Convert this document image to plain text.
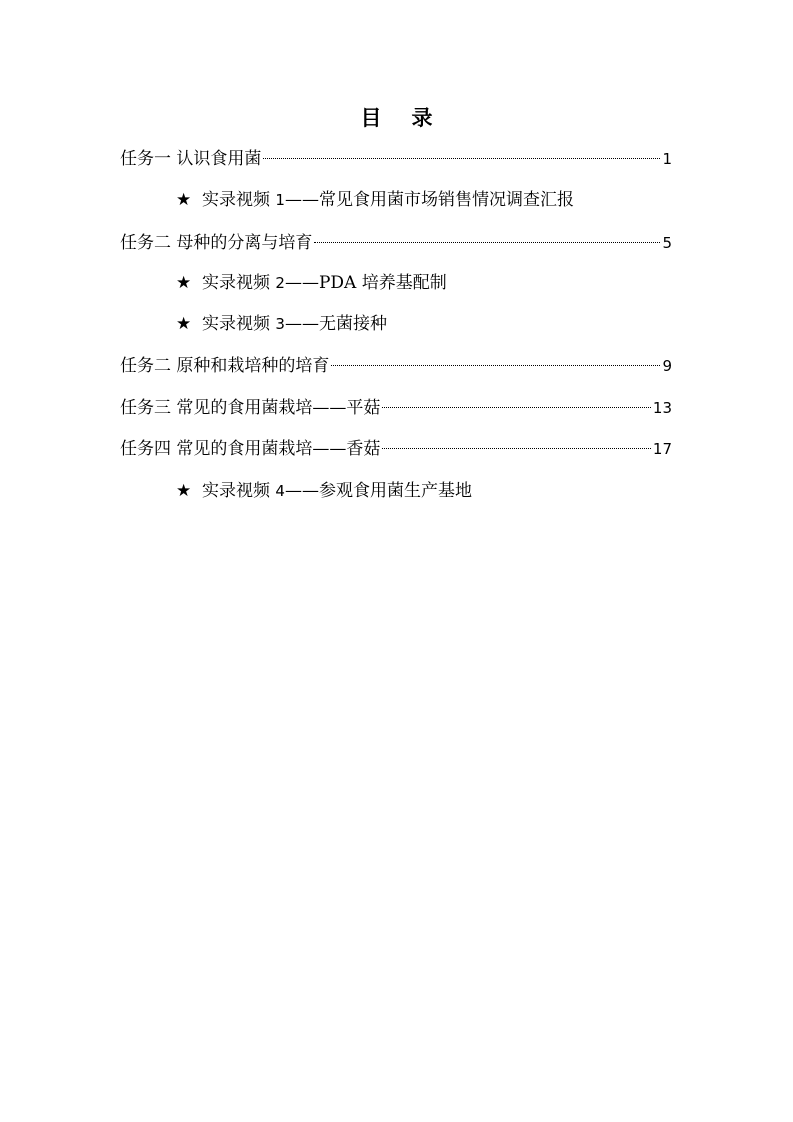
目 录
任务一 认识食用菌	1
★ 实录视频 1——常见食用菌市场销售情况调查汇报
任务二 母种的分离与培育	5
★ 实录视频 2——PDA 培养基配制
★ 实录视频 3——无菌接种
任务二 原种和栽培种的培育	9
任务三 常见的食用菌栽培——平菇	13
任务四 常见的食用菌栽培——香菇	17
★ 实录视频 4——参观食用菌生产基地
